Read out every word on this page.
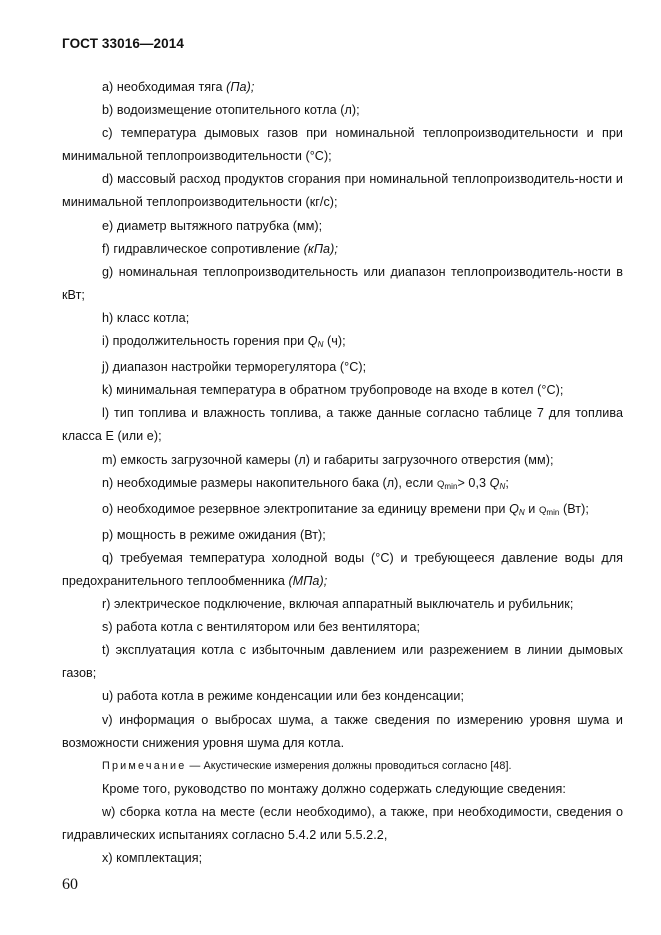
ГОСТ 33016—2014

a) необходимая тяга (Па);

b) водоизмещение отопительного котла (л);

c) температура дымовых газов при номинальной теплопроизводительности и при минимальной теплопроизводительности (°С);

d) массовый расход продуктов сгорания при номинальной теплопроизводитель-ности и минимальной теплопроизводительности (кг/с);

e) диаметр вытяжного патрубка (мм);

f) гидравлическое сопротивление (кПа);

g) номинальная теплопроизводительность или диапазон теплопроизводитель-ности в кВт;

h) класс котла;

i) продолжительность горения при $Q_N$ (ч);

j) диапазон настройки терморегулятора (°С);

k) минимальная температура в обратном трубопроводе на входе в котел (°С);

l) тип топлива и влажность топлива, а также данные согласно таблице 7 для топлива класса Е (или е);

m) емкость загрузочной камеры (л) и габариты загрузочного отверстия (мм);

n) необходимые размеры накопительного бака (л), если $Q_{min}> 0,3$ $Q_N$;

o) необходимое резервное электропитание за единицу времени при $Q_N$ и $Q_{min}$ (Вт);

p) мощность в режиме ожидания (Вт);

q) требуемая температура холодной воды (°С) и требующееся давление воды для предохранительного теплообменника (МПа);

r) электрическое подключение, включая аппаратный выключатель и рубильник;

s) работа котла с вентилятором или без вентилятора;

t) эксплуатация котла с избыточным давлением или разрежением в линии дымовых газов;

u) работа котла в режиме конденсации или без конденсации;

v) информация о выбросах шума, а также сведения по измерению уровня шума и возможности снижения уровня шума для котла.

Примечание — Акустические измерения должны проводиться согласно [48].

Кроме того, руководство по монтажу должно содержать следующие сведения:

w) сборка котла на месте (если необходимо), а также, при необходимости, сведения о гидравлических испытаниях согласно 5.4.2 или 5.5.2.2,

x) комплектация;

60
